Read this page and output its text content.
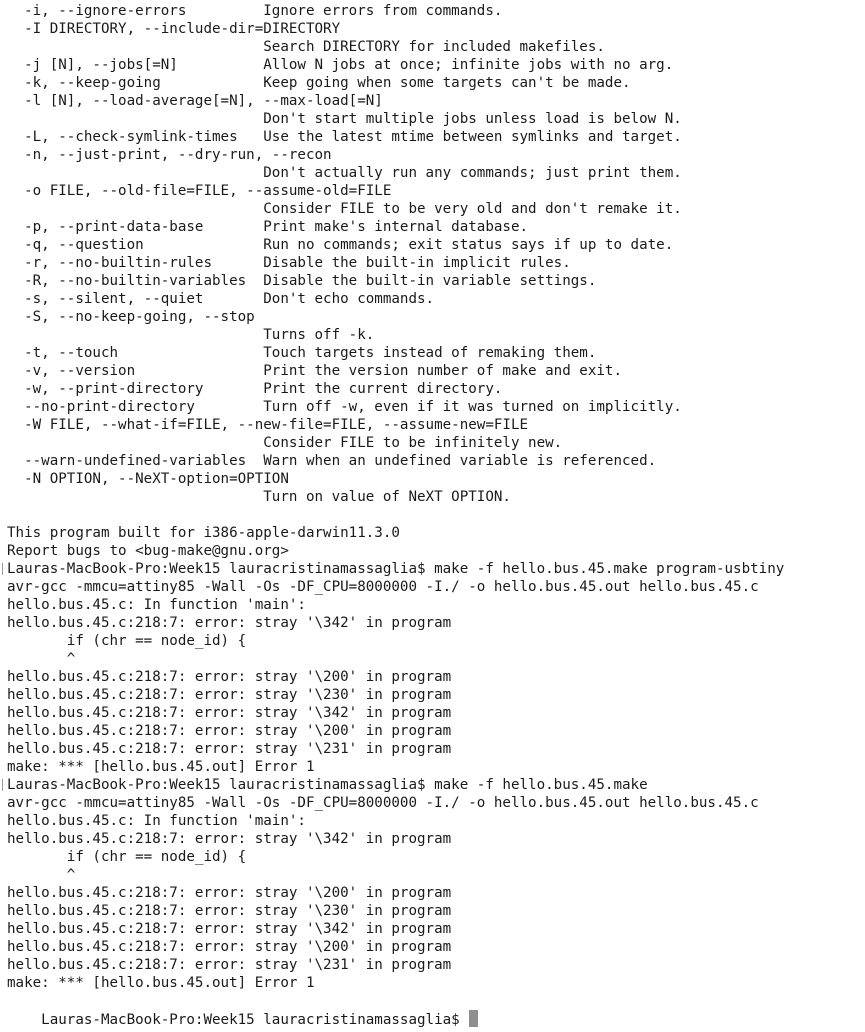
-i, --ignore-errors         Ignore errors from commands.
-I DIRECTORY, --include-dir=DIRECTORY
Search DIRECTORY for included makefiles.
-j [N], --jobs[=N]          Allow N jobs at once; infinite jobs with no arg.
-k, --keep-going            Keep going when some targets can't be made.
-l [N], --load-average[=N], --max-load[=N]
Don't start multiple jobs unless load is below N.
-L, --check-symlink-times   Use the latest mtime between symlinks and target.
-n, --just-print, --dry-run, --recon
Don't actually run any commands; just print them.
-o FILE, --old-file=FILE, --assume-old=FILE
Consider FILE to be very old and don't remake it.
-p, --print-data-base       Print make's internal database.
-q, --question              Run no commands; exit status says if up to date.
-r, --no-builtin-rules      Disable the built-in implicit rules.
-R, --no-builtin-variables  Disable the built-in variable settings.
-s, --silent, --quiet       Don't echo commands.
-S, --no-keep-going, --stop
Turns off -k.
-t, --touch                 Touch targets instead of remaking them.
-v, --version               Print the version number of make and exit.
-w, --print-directory       Print the current directory.
--no-print-directory        Turn off -w, even if it was turned on implicitly.
-W FILE, --what-if=FILE, --new-file=FILE, --assume-new=FILE
Consider FILE to be infinitely new.
--warn-undefined-variables  Warn when an undefined variable is referenced.
-N OPTION, --NeXT-option=OPTION
Turn on value of NeXT OPTION.
This program built for i386-apple-darwin11.3.0
Report bugs to <bug-make@gnu.org>
Lauras-MacBook-Pro:Week15 lauracristinamassaglia$ make -f hello.bus.45.make program-usbtiny
avr-gcc -mmcu=attiny85 -Wall -Os -DF_CPU=8000000 -I./ -o hello.bus.45.out hello.bus.45.c
hello.bus.45.c: In function 'main':
hello.bus.45.c:218:7: error: stray '\342' in program
if (chr == node_id) {
^
hello.bus.45.c:218:7: error: stray '\200' in program
hello.bus.45.c:218:7: error: stray '\230' in program
hello.bus.45.c:218:7: error: stray '\342' in program
hello.bus.45.c:218:7: error: stray '\200' in program
hello.bus.45.c:218:7: error: stray '\231' in program
make: *** [hello.bus.45.out] Error 1
Lauras-MacBook-Pro:Week15 lauracristinamassaglia$ make -f hello.bus.45.make
avr-gcc -mmcu=attiny85 -Wall -Os -DF_CPU=8000000 -I./ -o hello.bus.45.out hello.bus.45.c
hello.bus.45.c: In function 'main':
hello.bus.45.c:218:7: error: stray '\342' in program
if (chr == node_id) {
^
hello.bus.45.c:218:7: error: stray '\200' in program
hello.bus.45.c:218:7: error: stray '\230' in program
hello.bus.45.c:218:7: error: stray '\342' in program
hello.bus.45.c:218:7: error: stray '\200' in program
hello.bus.45.c:218:7: error: stray '\231' in program
make: *** [hello.bus.45.out] Error 1

Lauras-MacBook-Pro:Week15 lauracristinamassaglia$
